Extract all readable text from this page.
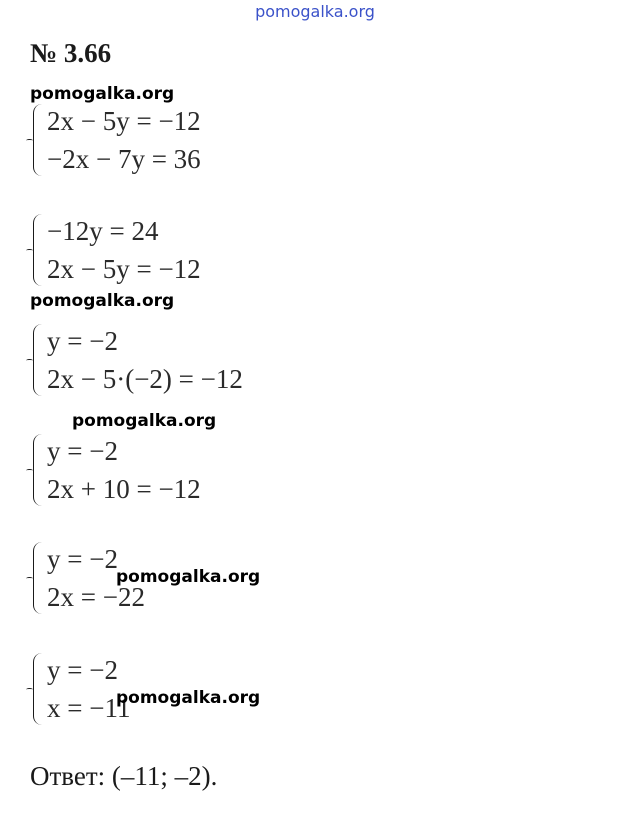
pomogalka.org
№ 3.66
pomogalka.org
2x − 5y = −12
−2x − 7y = 36
−12y = 24
2x − 5y = −12
pomogalka.org
y = −2
2x − 5·(−2) = −12
pomogalka.org
y = −2
2x + 10 = −12
y = −2
2x = −22
pomogalka.org
y = −2
x = −11
pomogalka.org
Ответ: (–11; –2).
